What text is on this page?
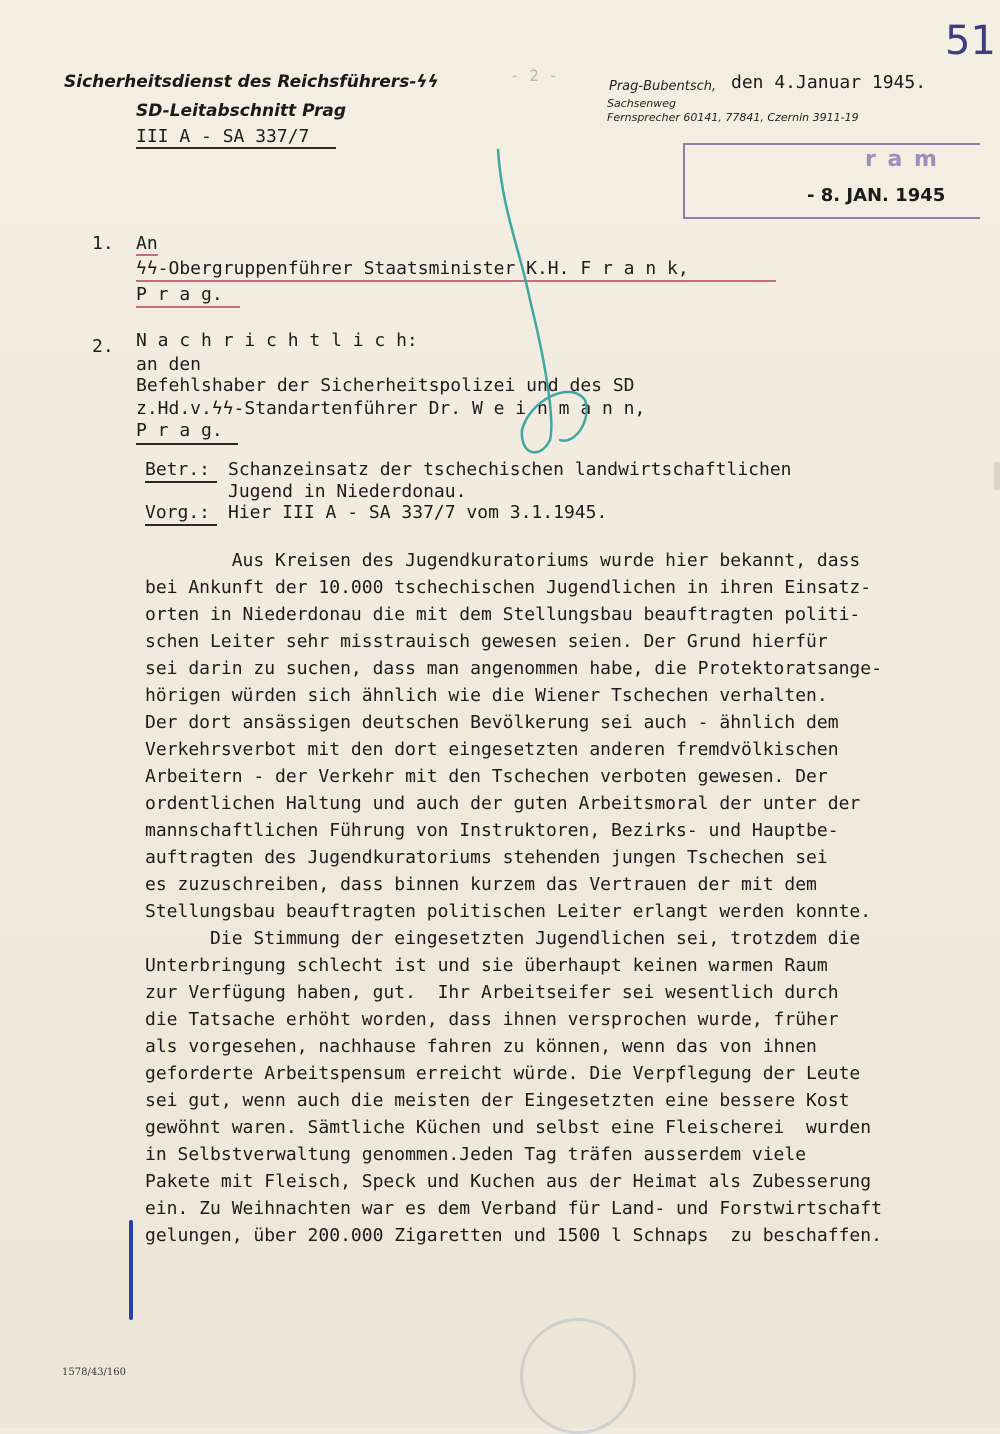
51
Sicherheitsdienst des Reichsführers-ϟϟ
SD-Leitabschnitt Prag
III A - SA 337/7
- 2 -
Prag-Bubentsch, den 4.Januar 1945.
Sachsenweg
Fernsprecher 60141, 77841, Czernin 3911-19
r a m
- 8. JAN. 1945
1. An
ϟϟ-Obergruppenführer Staatsminister K.H. F r a n k,
P r a g.
2. N a c h r i c h t l i c h:
an den
Befehlshaber der Sicherheitspolizei und des SD
z.Hd.v.ϟϟ-Standartenführer Dr. W e i n m a n n,
P r a g.
Betr.: Schanzeinsatz der tschechischen landwirtschaftlichen
Jugend in Niederdonau.
Vorg.: Hier III A - SA 337/7 vom 3.1.1945.
Aus Kreisen des Jugendkuratoriums wurde hier bekannt, dass
bei Ankunft der 10.000 tschechischen Jugendlichen in ihren Einsatz-
orten in Niederdonau die mit dem Stellungsbau beauftragten politi-
schen Leiter sehr misstrauisch gewesen seien. Der Grund hierfür
sei darin zu suchen, dass man angenommen habe, die Protektoratsange-
hörigen würden sich ähnlich wie die Wiener Tschechen verhalten.
Der dort ansässigen deutschen Bevölkerung sei auch - ähnlich dem
Verkehrsverbot mit den dort eingesetzten anderen fremdvölkischen
Arbeitern - der Verkehr mit den Tschechen verboten gewesen. Der
ordentlichen Haltung und auch der guten Arbeitsmoral der unter der
mannschaftlichen Führung von Instruktoren, Bezirks- und Hauptbe-
auftragten des Jugendkuratoriums stehenden jungen Tschechen sei
es zuzuschreiben, dass binnen kurzem das Vertrauen der mit dem
Stellungsbau beauftragten politischen Leiter erlangt werden konnte.
Die Stimmung der eingesetzten Jugendlichen sei, trotzdem die
Unterbringung schlecht ist und sie überhaupt keinen warmen Raum
zur Verfügung haben, gut.  Ihr Arbeitseifer sei wesentlich durch
die Tatsache erhöht worden, dass ihnen versprochen wurde, früher
als vorgesehen, nachhause fahren zu können, wenn das von ihnen
geforderte Arbeitspensum erreicht würde. Die Verpflegung der Leute
sei gut, wenn auch die meisten der Eingesetzten eine bessere Kost
gewöhnt waren. Sämtliche Küchen und selbst eine Fleischerei  wurden
in Selbstverwaltung genommen.Jeden Tag träfen ausserdem viele
Pakete mit Fleisch, Speck und Kuchen aus der Heimat als Zubesserung
ein. Zu Weihnachten war es dem Verband für Land- und Forstwirtschaft
gelungen, über 200.000 Zigaretten und 1500 l Schnaps  zu beschaffen.
1578/43/160
